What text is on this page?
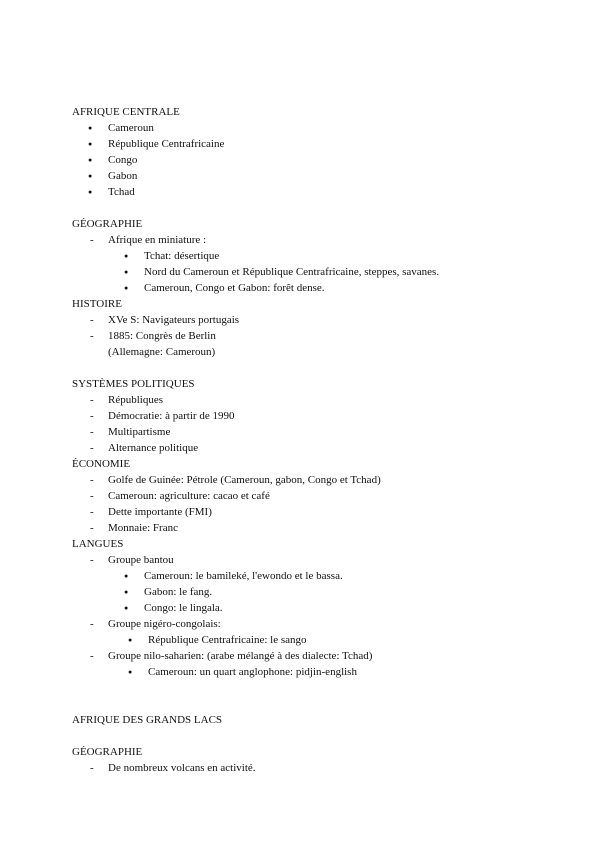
AFRIQUE CENTRALE
● Cameroun
● République Centrafricaine
● Congo
● Gabon
● Tchad
GÉOGRAPHIE
- Afrique en miniature :
● Tchat: désertique
● Nord du Cameroun et République Centrafricaine, steppes, savanes.
● Cameroun, Congo et Gabon: forêt dense.
HISTOIRE
- XVe S: Navigateurs portugais
- 1885: Congrès de Berlin
(Allemagne: Cameroun)
SYSTÈMES POLITIQUES
- Républiques
- Démocratie: à partir de 1990
- Multipartisme
- Alternance politique
ÉCONOMIE
- Golfe de Guinée: Pétrole (Cameroun, gabon, Congo et Tchad)
- Cameroun: agriculture: cacao et café
- Dette importante (FMI)
- Monnaie: Franc
LANGUES
- Groupe bantou
● Cameroun: le bamileké, l'ewondo et le bassa.
● Gabon: le fang.
● Congo: le lingala.
- Groupe nigéro-congolais:
● République Centrafricaine: le sango
- Groupe nilo-saharien: (arabe mélangé à des dialecte: Tchad)
● Cameroun: un quart anglophone: pidjin-english
AFRIQUE DES GRANDS LACS
GÉOGRAPHIE
- De nombreux volcans en activité.
